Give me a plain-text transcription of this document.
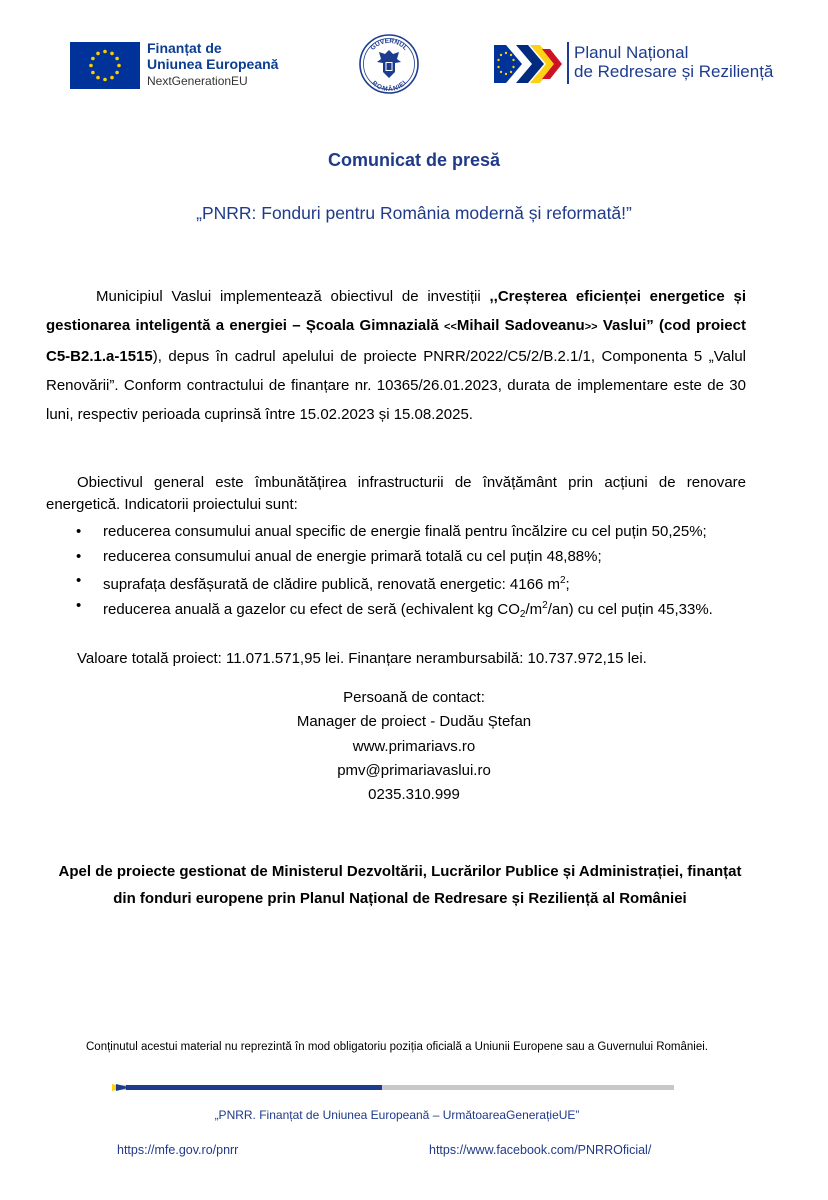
Finanțat de
Uniunea Europeană
NextGenerationEU
GUVERNUL
ROMÂNIEI
Planul Național
de Redresare și Reziliență
Comunicat de presă
„PNRR: Fonduri pentru România modernă și reformată!”
Municipiul Vaslui implementează obiectivul de investiții ,,Creșterea eficienței energetice și gestionarea inteligentă a energiei – Școala Gimnazială <<Mihail Sadoveanu>> Vaslui” (cod proiect C5-B2.1.a-1515), depus în cadrul apelului de proiecte PNRR/2022/C5/2/B.2.1/1, Componenta 5 „Valul Renovării”. Conform contractului de finanțare nr. 10365/26.01.2023, durata de implementare este de 30 luni, respectiv perioada cuprinsă între 15.02.2023 și 15.08.2025.
Obiectivul general este îmbunătățirea infrastructurii de învățământ prin acțiuni de renovare energetică. Indicatorii proiectului sunt:
• reducerea consumului anual specific de energie finală pentru încălzire cu cel puțin 50,25%;
• reducerea consumului anual de energie primară totală cu cel puțin 48,88%;
• suprafața desfășurată de clădire publică, renovată energetic: 4166 $m^2$;
• reducerea anuală a gazelor cu efect de seră (echivalent kg $CO_2/m^2/an$) cu cel puțin 45,33%.
Valoare totală proiect: 11.071.571,95 lei. Finanțare nerambursabilă: 10.737.972,15 lei.
Persoană de contact:
Manager de proiect - Dudău Ștefan
www.primariavs.ro
pmv@primariavaslui.ro
0235.310.999
Apel de proiecte gestionat de Ministerul Dezvoltării, Lucrărilor Publice și Administrației, finanțat
din fonduri europene prin Planul Național de Redresare și Reziliență al României
Conținutul acestui material nu reprezintă în mod obligatoriu poziția oficială a Uniunii Europene sau a Guvernului României.
„PNRR. Finanțat de Uniunea Europeană – UrmătoareaGenerațieUE”
https://mfe.gov.ro/pnrr	https://www.facebook.com/PNRROficial/
